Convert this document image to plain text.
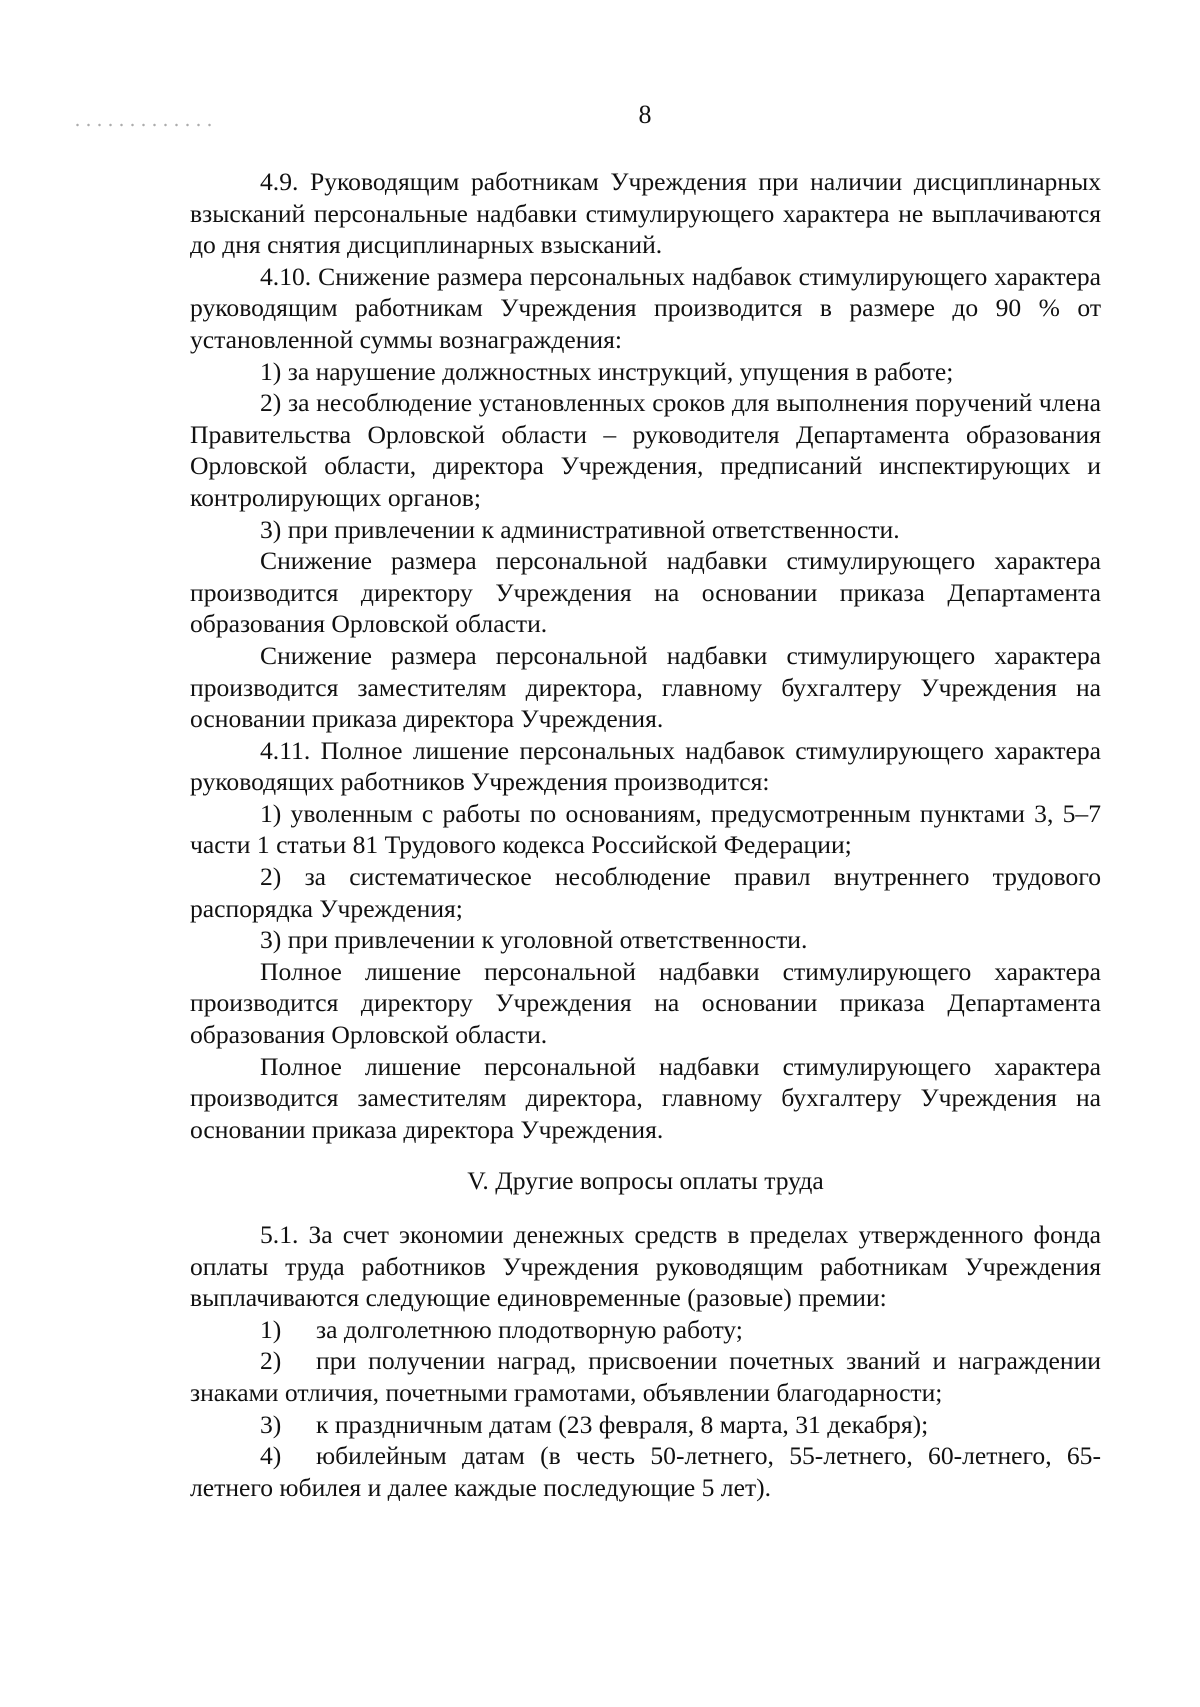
8

4.9. Руководящим работникам Учреждения при наличии дисциплинарных взысканий персональные надбавки стимулирующего характера не выплачиваются до дня снятия дисциплинарных взысканий.

4.10. Снижение размера персональных надбавок стимулирующего характера руководящим работникам Учреждения производится в размере до 90 % от установленной суммы вознаграждения:

1) за нарушение должностных инструкций, упущения в работе;

2) за несоблюдение установленных сроков для выполнения поручений члена Правительства Орловской области – руководителя Департамента образования Орловской области, директора Учреждения, предписаний инспектирующих и контролирующих органов;

3) при привлечении к административной ответственности.

Снижение размера персональной надбавки стимулирующего характера производится директору Учреждения на основании приказа Департамента образования Орловской области.

Снижение размера персональной надбавки стимулирующего характера производится заместителям директора, главному бухгалтеру Учреждения на основании приказа директора Учреждения.

4.11. Полное лишение персональных надбавок стимулирующего характера руководящих работников Учреждения производится:

1) уволенным с работы по основаниям, предусмотренным пунктами 3, 5–7 части 1 статьи 81 Трудового кодекса Российской Федерации;

2) за систематическое несоблюдение правил внутреннего трудового распорядка Учреждения;

3) при привлечении к уголовной ответственности.

Полное лишение персональной надбавки стимулирующего характера производится директору Учреждения на основании приказа Департамента образования Орловской области.

Полное лишение персональной надбавки стимулирующего характера производится заместителям директора, главному бухгалтеру Учреждения на основании приказа директора Учреждения.

V. Другие вопросы оплаты труда

5.1. За счет экономии денежных средств в пределах утвержденного фонда оплаты труда работников Учреждения руководящим работникам Учреждения выплачиваются следующие единовременные (разовые) премии:

1) за долголетнюю плодотворную работу;

2) при получении наград, присвоении почетных званий и награждении знаками отличия, почетными грамотами, объявлении благодарности;

3) к праздничным датам (23 февраля, 8 марта, 31 декабря);

4) юбилейным датам (в честь 50-летнего, 55-летнего, 60-летнего, 65-летнего юбилея и далее каждые последующие 5 лет).
